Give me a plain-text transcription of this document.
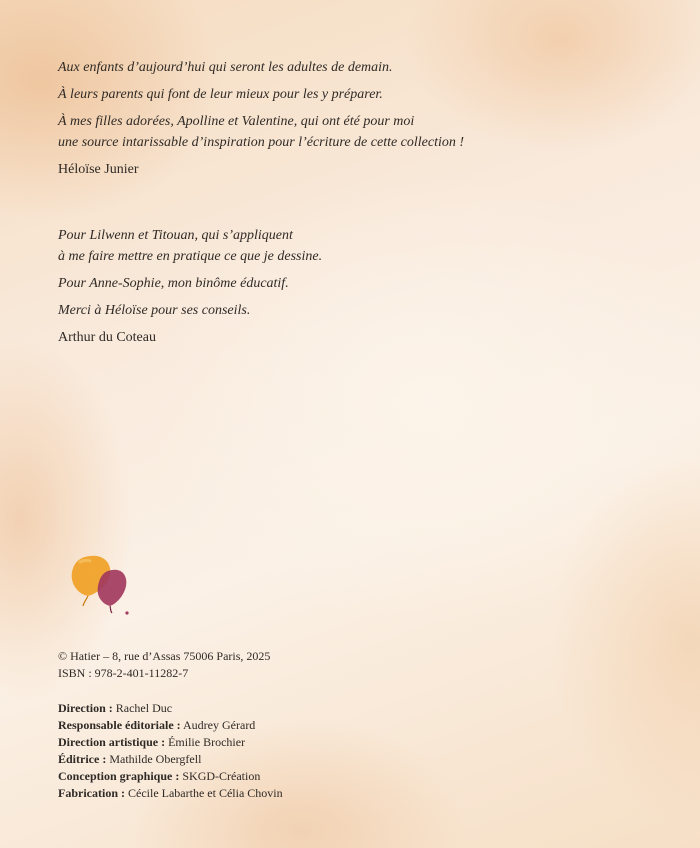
Aux enfants d’aujourd’hui qui seront les adultes de demain.

À leurs parents qui font de leur mieux pour les y préparer.

À mes filles adorées, Apolline et Valentine, qui ont été pour moi

une source intarissable d’inspiration pour l’écriture de cette collection !

Héloïse Junier

Pour Lilwenn et Titouan, qui s’appliquent

à me faire mettre en pratique ce que je dessine.

Pour Anne-Sophie, mon binôme éducatif.

Merci à Héloïse pour ses conseils.

Arthur du Coteau

© Hatier – 8, rue d’Assas 75006 Paris, 2025

ISBN : 978-2-401-11282-7

Direction : Rachel Duc

Responsable éditoriale : Audrey Gérard

Direction artistique : Émilie Brochier

Éditrice : Mathilde Obergfell

Conception graphique : SKGD-Création

Fabrication : Cécile Labarthe et Célia Chovin
